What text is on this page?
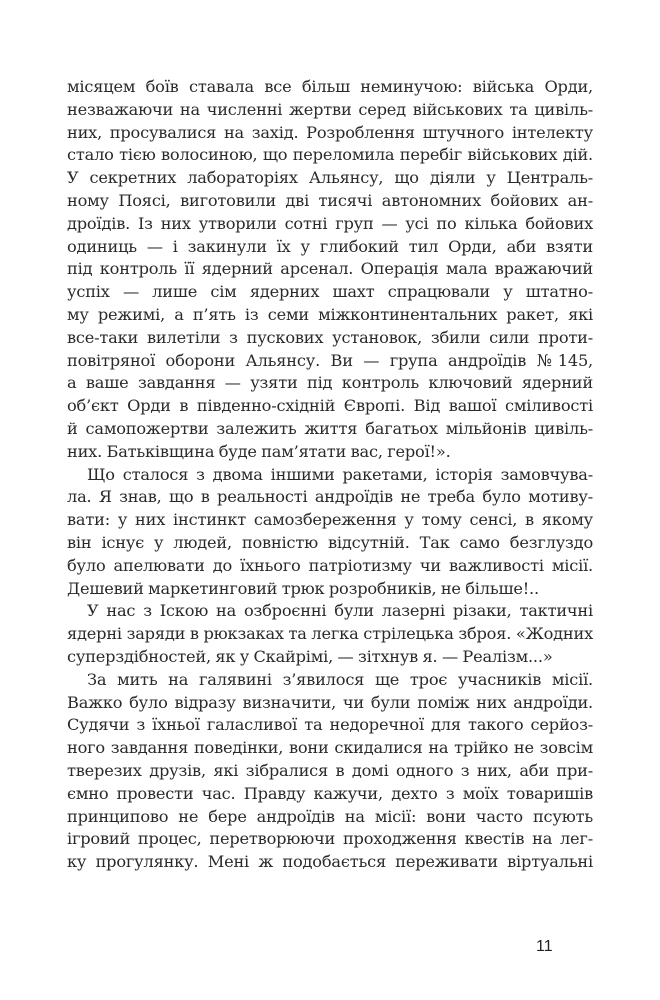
місяцем боїв ставала все більш неминучою: війська Орди,
незважаючи на численні жертви серед військових та цивіль-
них, просувалися на захід. Розроблення штучного інтелекту
стало тією волосиною, що переломила перебіг військових дій.
У секретних лабораторіях Альянсу, що діяли у Централь-
ному Поясі, виготовили дві тисячі автономних бойових ан-
дроїдів. Із них утворили сотні груп — усі по кілька бойових
одиниць — і закинули їх у глибокий тил Орди, аби взяти
під контроль її ядерний арсенал. Операція мала вражаючий
успіх — лише сім ядерних шахт спрацювали у штатно-
му режимі, а п’ять із семи міжконтинентальних ракет, які
все-таки вилетіли з пускових установок, збили сили проти-
повітряної оборони Альянсу. Ви — група андроїдів №145,
а ваше завдання — узяти під контроль ключовий ядерний
об’єкт Орди в південно-східній Європі. Від вашої сміливості
й самопожертви залежить життя багатьох мільйонів цивіль-
них. Батьківщина буде пам’ятати вас, герої!».
Що сталося з двома іншими ракетами, історія замовчува-
ла. Я знав, що в реальності андроїдів не треба було мотиву-
вати: у них інстинкт самозбереження у тому сенсі, в якому
він існує у людей, повністю відсутній. Так само безглуздо
було апелювати до їхнього патріотизму чи важливості місії.
Дешевий маркетинговий трюк розробників, не більше!..
У нас з Іскою на озброєнні були лазерні різаки, тактичні
ядерні заряди в рюкзаках та легка стрілецька зброя. «Жодних
суперздібностей, як у Скайрімі, — зітхнув я. — Реалізм...»
За мить на галявині з’явилося ще троє учасників місії.
Важко було відразу визначити, чи були поміж них андроїди.
Судячи з їхньої галасливої та недоречної для такого серйоз-
ного завдання поведінки, вони скидалися на трійко не зовсім
тверезих друзів, які зібралися в домі одного з них, аби при-
ємно провести час. Правду кажучи, дехто з моїх товаришів
принципово не бере андроїдів на місії: вони часто псують
ігровий процес, перетворюючи проходження квестів на лег-
ку прогулянку. Мені ж подобається переживати віртуальні
11
